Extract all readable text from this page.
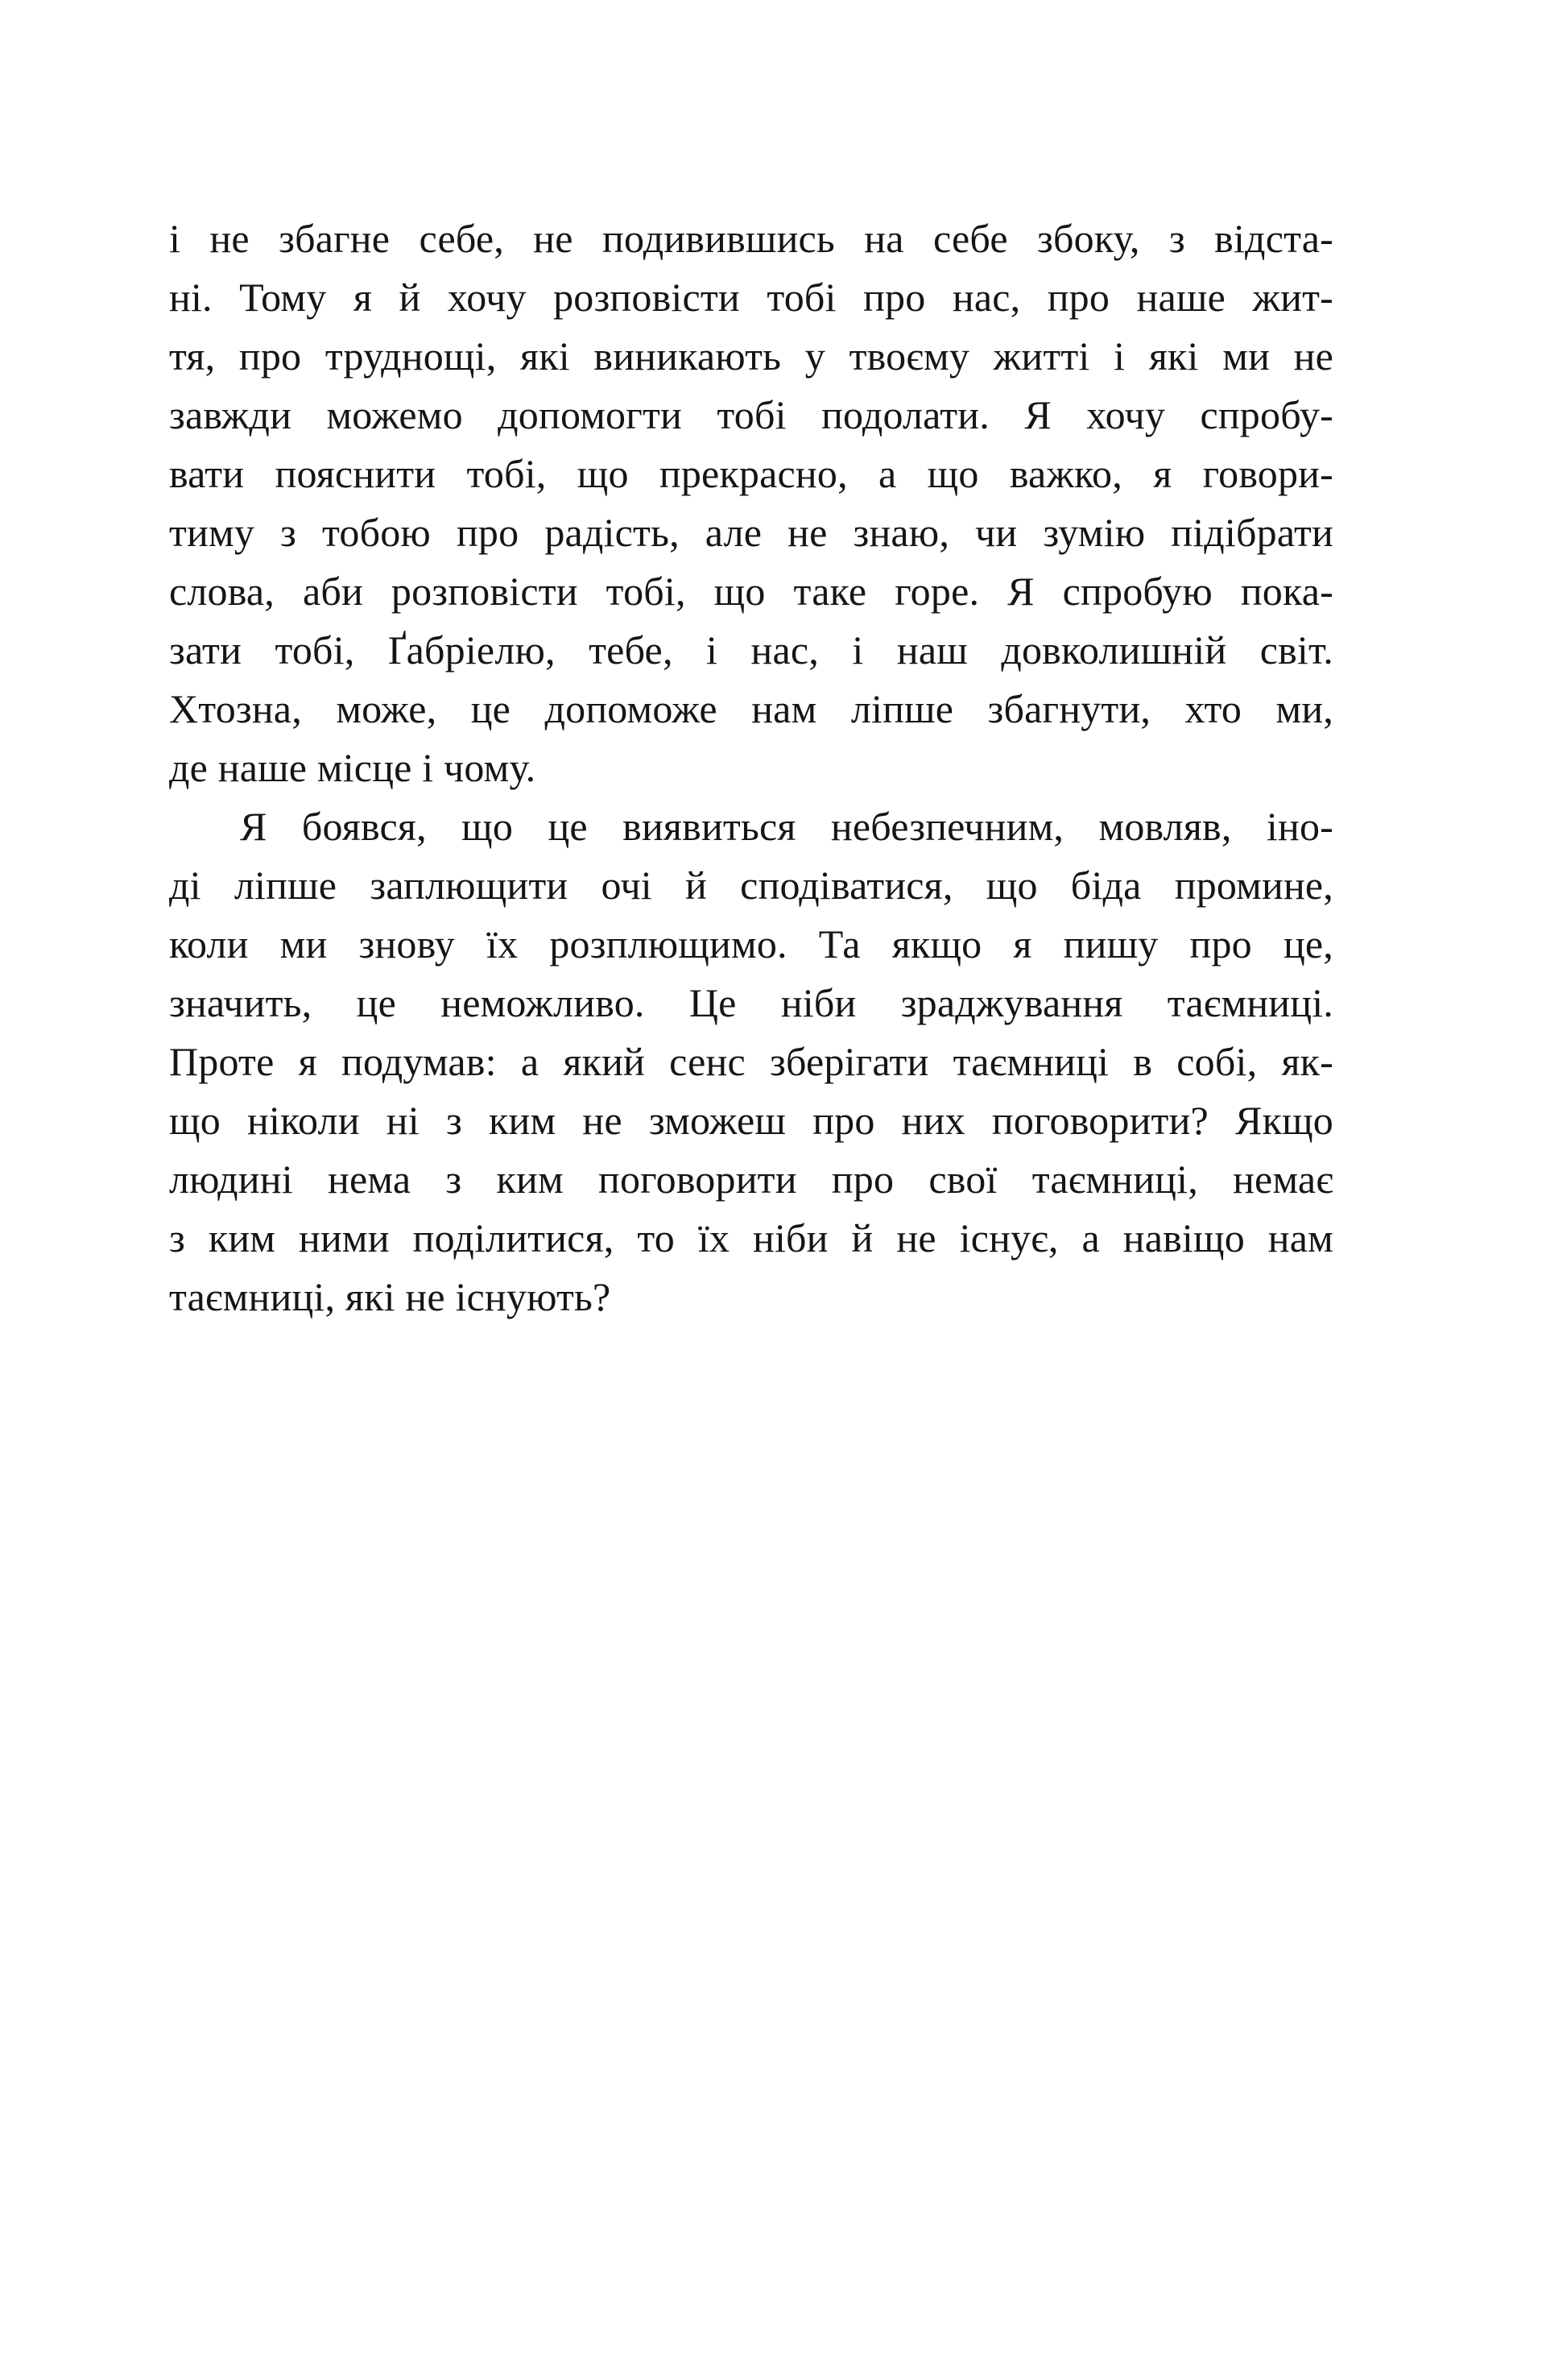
і не збагне себе, не подивившись на себе збоку, з відста-
ні. Тому я й хочу розповісти тобі про нас, про наше жит-
тя, про труднощі, які виникають у твоєму житті і які ми не
завжди можемо допомогти тобі подолати. Я хочу спробу-
вати пояснити тобі, що прекрасно, а що важко, я говори-
тиму з тобою про радість, але не знаю, чи зумію підібрати
слова, аби розповісти тобі, що таке горе. Я спробую пока-
зати тобі, Ґабріелю, тебе, і нас, і наш довколишній світ.
Хтозна, може, це допоможе нам ліпше збагнути, хто ми,
де наше місце і чому.
Я боявся, що це виявиться небезпечним, мовляв, іно-
ді ліпше заплющити очі й сподіватися, що біда промине,
коли ми знову їх розплющимо. Та якщо я пишу про це,
значить, це неможливо. Це ніби зраджування таємниці.
Проте я подумав: а який сенс зберігати таємниці в собі, як-
що ніколи ні з ким не зможеш про них поговорити? Якщо
людині нема з ким поговорити про свої таємниці, немає
з ким ними поділитися, то їх ніби й не існує, а навіщо нам
таємниці, які не існують?
